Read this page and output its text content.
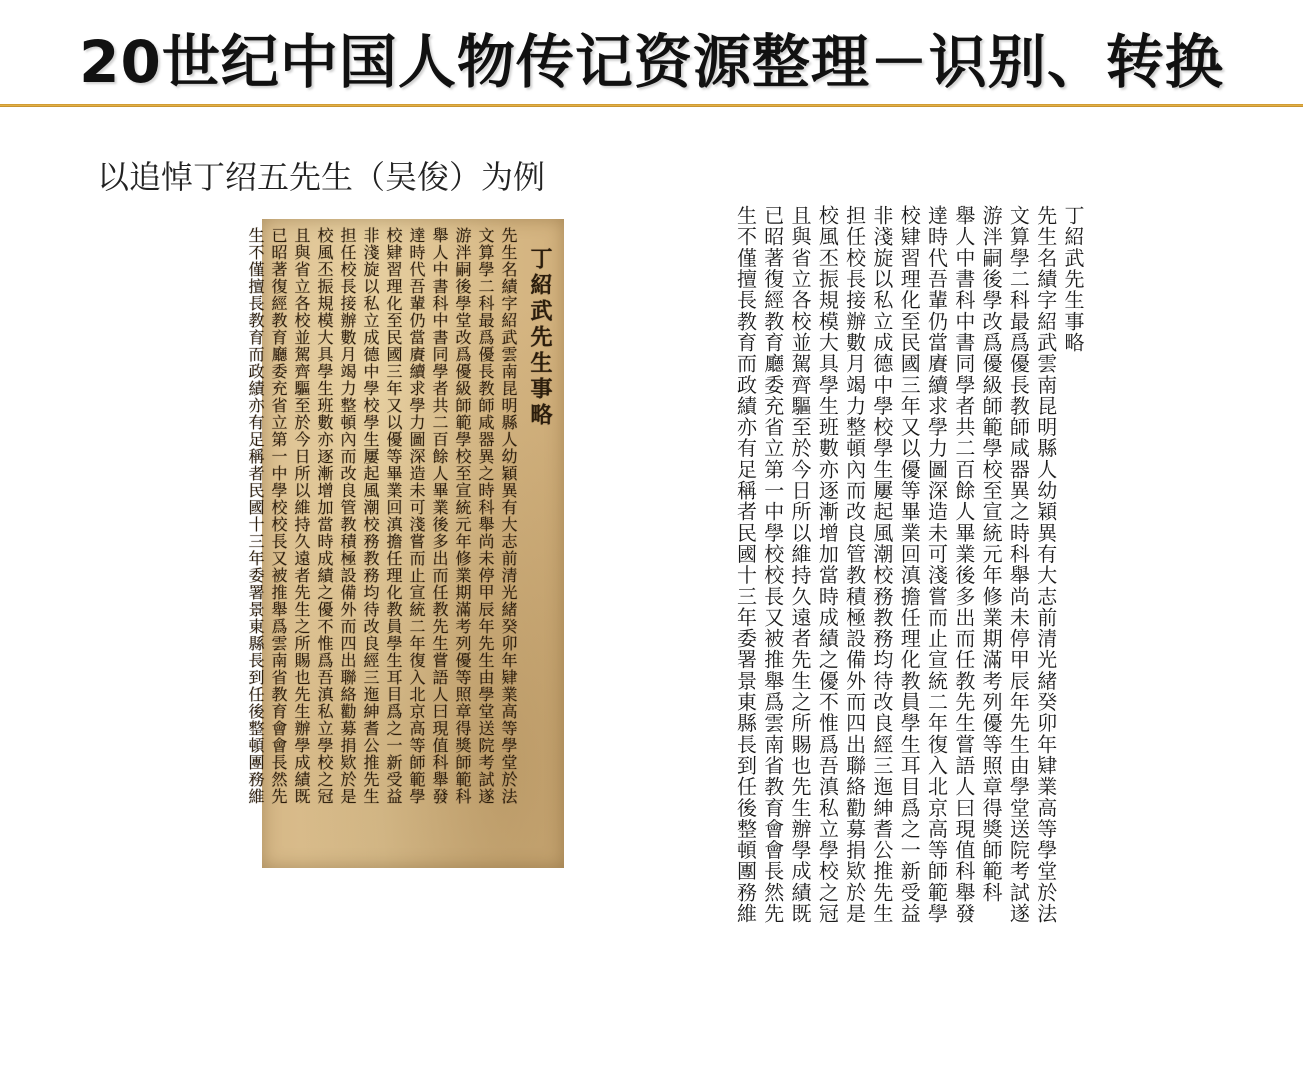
20世纪中国人物传记资源整理－识别、转换
以追悼丁绍五先生（吴俊）为例
丁紹武先生事略
先生名績字紹武雲南昆明縣人幼穎異有大志前清光緒癸卯年肄業高等學堂於法
文算學二科最爲優長教師咸器異之時科舉尚未停甲辰年先生由學堂送院考試遂
游泮嗣後學堂改爲優級師範學校至宣統元年修業期滿考列優等照章得獎師範科
舉人中書科中書同學者共二百餘人畢業後多出而任教先生嘗語人曰現值科舉發
達時代吾輩仍當賡續求學力圖深造未可淺嘗而止宣統二年復入北京高等師範學
校肄習理化至民國三年又以優等畢業回滇擔任理化教員學生耳目爲之一新受益
非淺旋以私立成德中學校學生屢起風潮校務教務均待改良經三迤紳耆公推先生
担任校長接辦數月竭力整頓內而改良管教積極設備外而四出聯絡勸募捐欵於是
校風丕振規模大具學生班數亦逐漸增加當時成績之優不惟爲吾滇私立學校之冠
且與省立各校並駕齊驅至於今日所以維持久遠者先生之所賜也先生辦學成績既
已昭著復經教育廳委充省立第一中學校校長又被推舉爲雲南省教育會會長然先
生不僅擅長教育而政績亦有足稱者民國十三年委署景東縣長到任後整頓團務維	丁紹武先生事略
先生名績字紹武雲南昆明縣人幼穎異有大志前清光緒癸卯年肄業高等學堂於法
文算學二科最爲優長教師咸器異之時科舉尚未停甲辰年先生由學堂送院考試遂
游泮嗣後學改爲優級師範學校至宣統元年修業期滿考列優等照章得獎師範科
舉人中書科中書同學者共二百餘人畢業後多出而任教先生嘗語人曰現值科舉發
達時代吾輩仍當賡續求學力圖深造未可淺嘗而止宣統二年復入北京高等師範學
校肄習理化至民國三年又以優等畢業回滇擔任理化教員學生耳目爲之一新受益
非淺旋以私立成德中學校學生屢起風潮校務教務均待改良經三迤紳耆公推先生
担任校長接辦數月竭力整頓內而改良管教積極設備外而四出聯絡勸募捐欵於是
校風丕振規模大具學生班數亦逐漸增加當時成績之優不惟爲吾滇私立學校之冠
且與省立各校並駕齊驅至於今日所以維持久遠者先生之所賜也先生辦學成績既
已昭著復經教育廳委充省立第一中學校校長又被推舉爲雲南省教育會會長然先
生不僅擅長教育而政績亦有足稱者民國十三年委署景東縣長到任後整頓團務維
